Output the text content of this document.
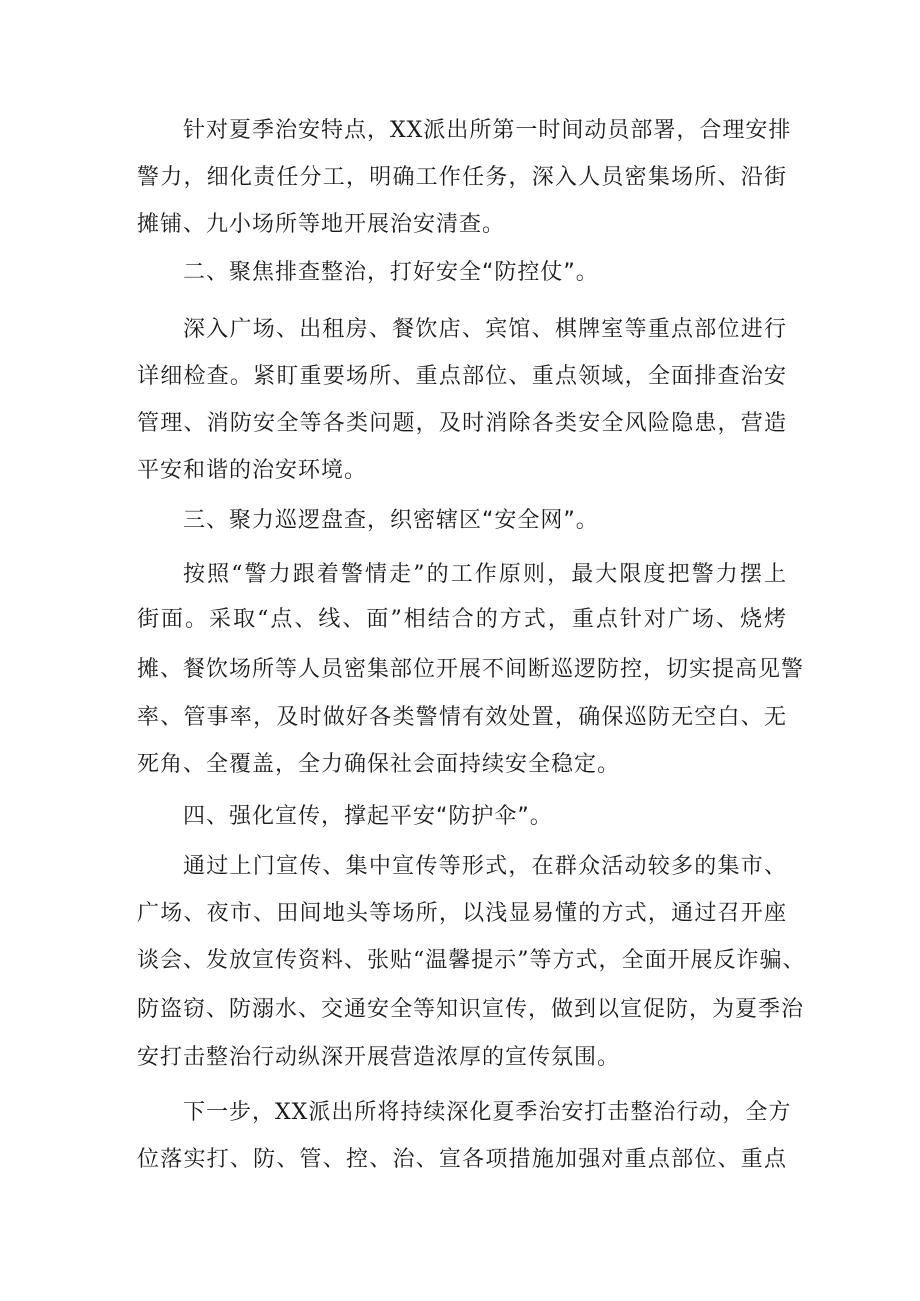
针对夏季治安特点，XX派出所第一时间动员部署，合理安排
警力，细化责任分工，明确工作任务，深入人员密集场所、沿街
摊铺、九小场所等地开展治安清查。
二、聚焦排查整治，打好安全“防控仗”。
深入广场、出租房、餐饮店、宾馆、棋牌室等重点部位进行
详细检查。紧盯重要场所、重点部位、重点领域，全面排查治安
管理、消防安全等各类问题，及时消除各类安全风险隐患，营造
平安和谐的治安环境。
三、聚力巡逻盘查，织密辖区“安全网”。
按照“警力跟着警情走”的工作原则，最大限度把警力摆上
街面。采取“点、线、面”相结合的方式，重点针对广场、烧烤
摊、餐饮场所等人员密集部位开展不间断巡逻防控，切实提高见警
率、管事率，及时做好各类警情有效处置，确保巡防无空白、无
死角、全覆盖，全力确保社会面持续安全稳定。
四、强化宣传，撑起平安“防护伞”。
通过上门宣传、集中宣传等形式，在群众活动较多的集市、
广场、夜市、田间地头等场所，以浅显易懂的方式，通过召开座
谈会、发放宣传资料、张贴“温馨提示”等方式，全面开展反诈骗、
防盗窃、防溺水、交通安全等知识宣传，做到以宣促防，为夏季治
安打击整治行动纵深开展营造浓厚的宣传氛围。
下一步，XX派出所将持续深化夏季治安打击整治行动，全方
位落实打、防、管、控、治、宣各项措施加强对重点部位、重点
